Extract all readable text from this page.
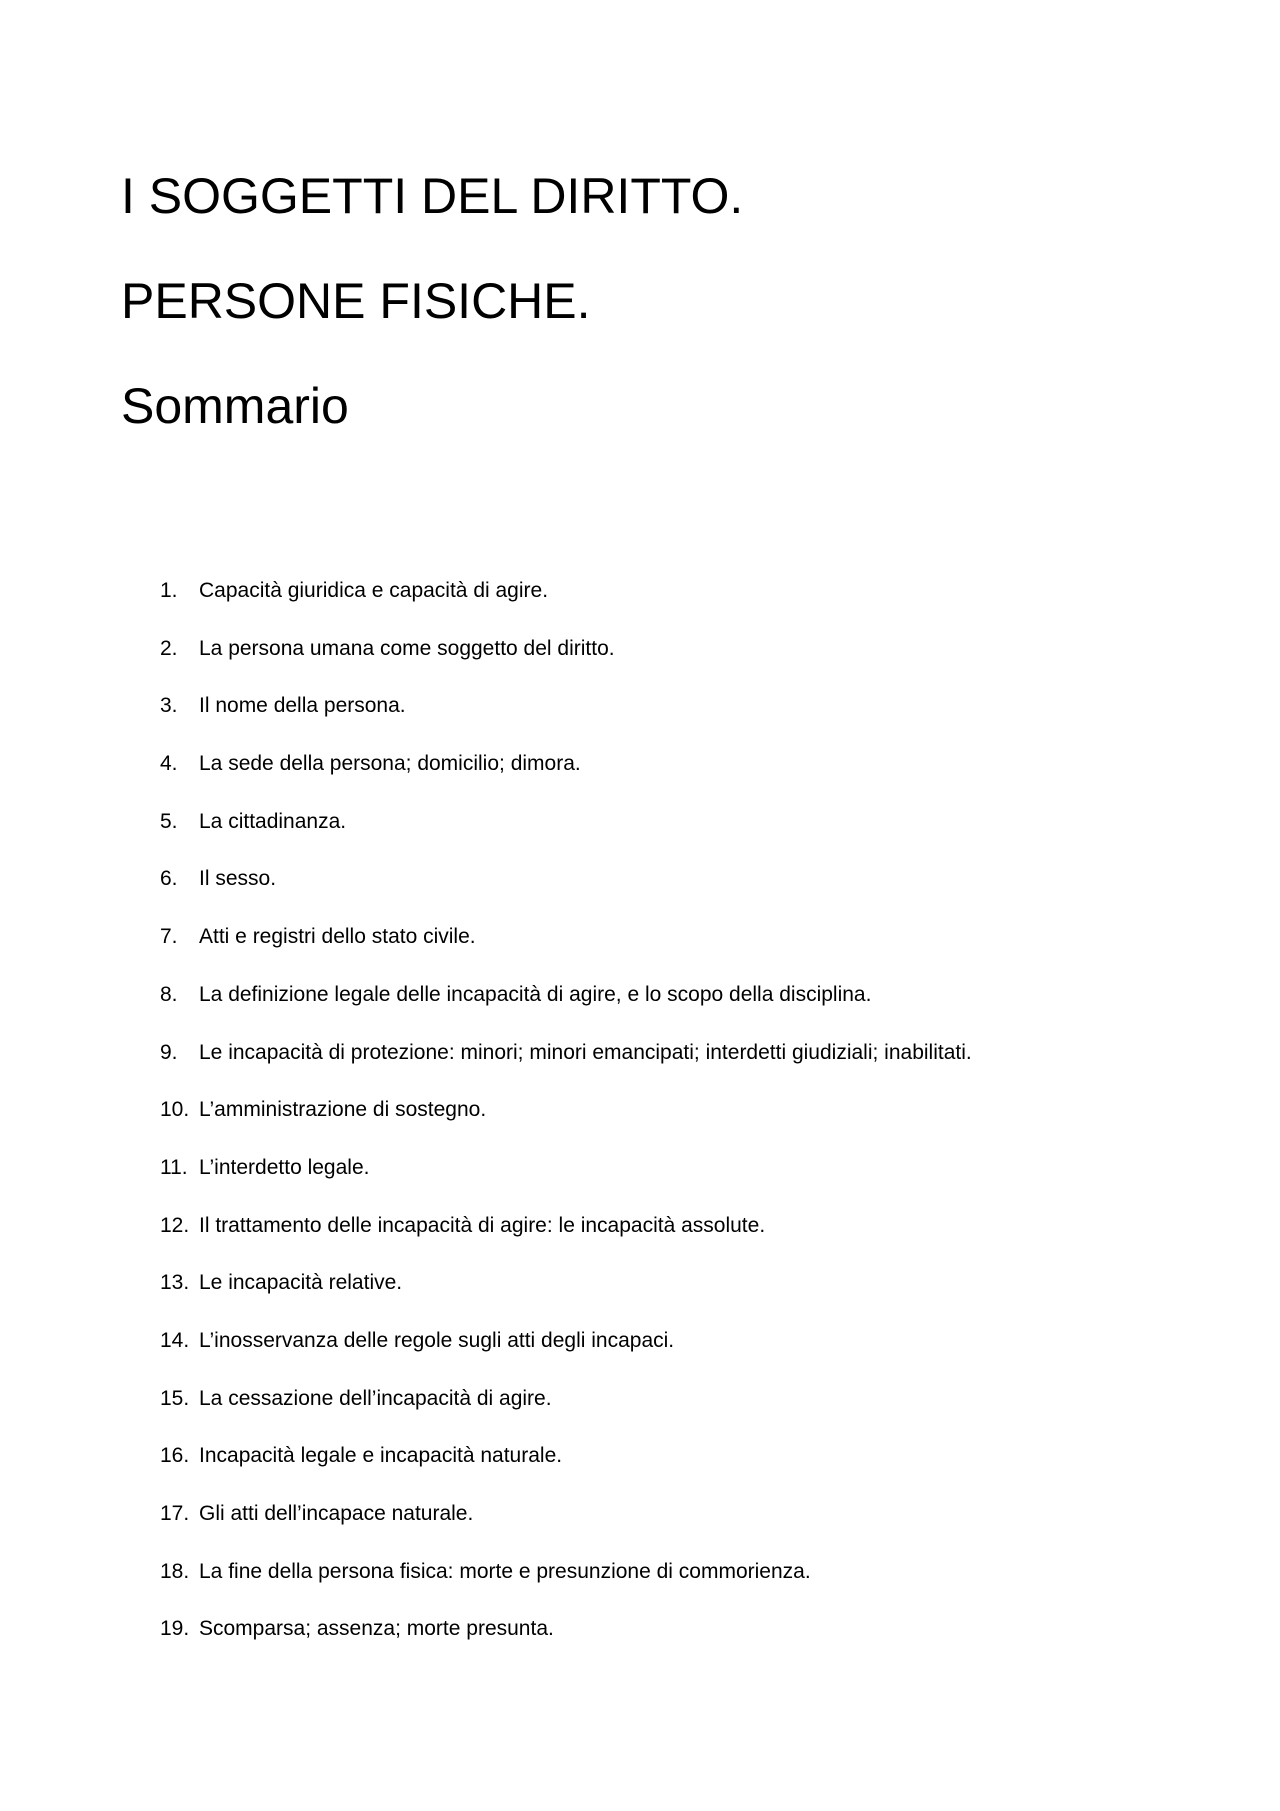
I SOGGETTI DEL DIRITTO.
PERSONE FISICHE.
Sommario
1.	Capacità giuridica e capacità di agire.
2.	La persona umana come soggetto del diritto.
3.	Il nome della persona.
4.	La sede della persona; domicilio; dimora.
5.	La cittadinanza.
6.	Il sesso.
7.	Atti e registri dello stato civile.
8.	La definizione legale delle incapacità di agire, e lo scopo della disciplina.
9.	Le incapacità di protezione: minori; minori emancipati; interdetti giudiziali; inabilitati.
10. L’amministrazione di sostegno.
11. L’interdetto legale.
12. Il trattamento delle incapacità di agire: le incapacità assolute.
13. Le incapacità relative.
14. L’inosservanza delle regole sugli atti degli incapaci.
15. La cessazione dell’incapacità di agire.
16. Incapacità legale e incapacità naturale.
17. Gli atti dell’incapace naturale.
18. La fine della persona fisica: morte e presunzione di commorienza.
19. Scomparsa; assenza; morte presunta.
